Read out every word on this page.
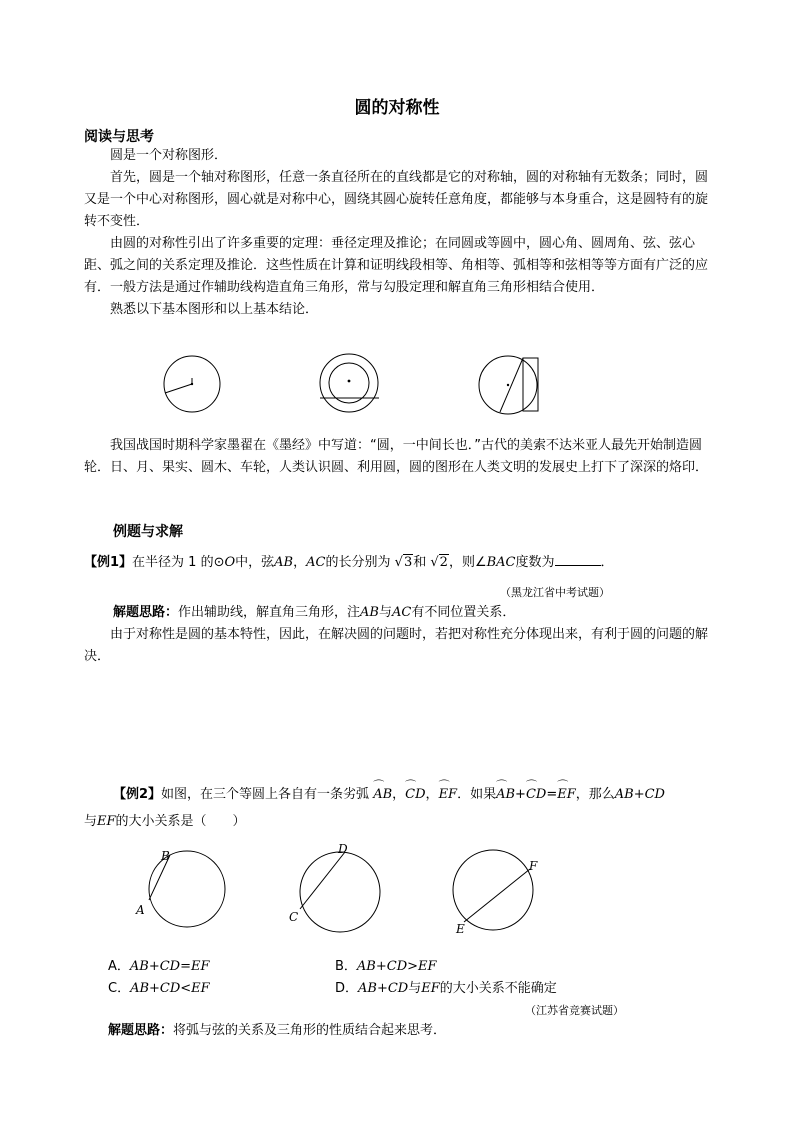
圆的对称性
阅读与思考

圆是一个对称图形．

首先，圆是一个轴对称图形，任意一条直径所在的直线都是它的对称轴，圆的对称轴有无数条；同时，圆又是一个中心对称图形，圆心就是对称中心，圆绕其圆心旋转任意角度，都能够与本身重合，这是圆特有的旋转不变性．

由圆的对称性引出了许多重要的定理：垂径定理及推论；在同圆或等圆中，圆心角、圆周角、弦、弦心距、弧之间的关系定理及推论．这些性质在计算和证明线段相等、角相等、弧相等和弦相等等方面有广泛的应有．一般方法是通过作辅助线构造直角三角形，常与勾股定理和解直角三角形相结合使用．

熟悉以下基本图形和以上基本结论．

我国战国时期科学家墨翟在《墨经》中写道：“圆，一中间长也．”古代的美索不达米亚人最先开始制造圆轮．日、月、果实、圆木、车轮，人类认识圆、利用圆，圆的图形在人类文明的发展史上打下了深深的烙印．

例题与求解
【例1】在半径为 1 的⊙O中，弦AB，AC的长分别为 √3和 √2，则∠BAC度数为	．
（黑龙江省中考试题）
解题思路：作出辅助线，解直角三角形，注AB与AC有不同位置关系．

由于对称性是圆的基本特性，因此，在解决圆的问题时，若把对称性充分体现出来，有利于圆的问题的解决．

【例2】如图，在三个等圆上各自有一条劣弧 ⌒ AB，⌒ CD，⌒ EF．如果⌒ AB+⌒ CD=⌒ EF，那么AB+CD
与EF的大小关系是（　　）
B
A
D
C
F
E
A．AB+CD=EF	B．AB+CD>EF
C．AB+CD<EF	D．AB+CD与EF的大小关系不能确定
（江苏省竞赛试题）
解题思路：将弧与弦的关系及三角形的性质结合起来思考．
